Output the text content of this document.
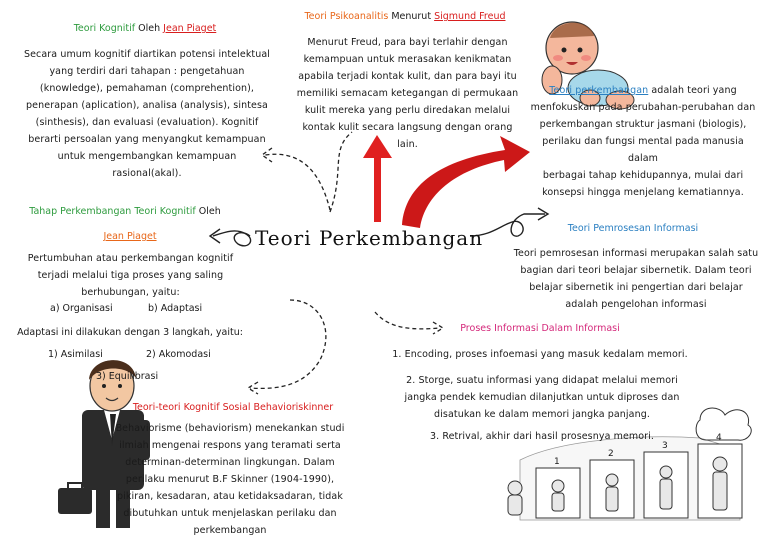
1
2
3
4
Teori Perkembangan
Teori Kognitif Oleh Jean Piaget
Secara umum kognitif diartikan potensi intelektual yang terdiri dari tahapan : pengetahuan (knowledge), pemahaman (comprehention), penerapan (aplication), analisa (analysis), sintesa (sinthesis), dan evaluasi (evaluation). Kognitif berarti persoalan yang menyangkut kemampuan untuk mengembangkan kemampuan rasional(akal).
Teori Psikoanalitis Menurut Sigmund Freud
Menurut Freud, para bayi terlahir dengan kemampuan untuk merasakan kenikmatan apabila terjadi kontak kulit, dan para bayi itu memiliki semacam ketegangan di permukaan kulit mereka yang perlu diredakan melalui kontak kulit secara langsung dengan orang lain.
Teori perkembangan adalah teori yang
menfokuskan pada perubahan-perubahan dan
perkembangan struktur jasmani (biologis),
perilaku dan fungsi mental pada manusia dalam
berbagai tahap kehidupannya, mulai dari
konsepsi hingga menjelang kematiannya.
Tahap Perkembangan Teori Kognitif Oleh
Jean Piaget
Pertumbuhan atau perkembangan kognitif terjadi melalui tiga proses yang saling berhubungan, yaitu:
a) Organisasi	b) Adaptasi
Adaptasi ini dilakukan dengan 3 langkah, yaitu:
1) Asimilasi	2) Akomodasi
3) Equilibrasi
Teori Pemrosesan Informasi
Teori pemrosesan informasi merupakan salah satu bagian dari teori belajar sibernetik. Dalam teori belajar sibernetik ini pengertian dari belajar adalah pengelohan informasi
Proses Informasi Dalam Informasi
1. Encoding, proses infoemasi yang masuk kedalam memori.
2. Storge, suatu informasi yang didapat melalui memori jangka pendek kemudian dilanjutkan untuk diproses dan disatukan ke dalam memori jangka panjang.
3. Retrival, akhir dari hasil prosesnya memori.
Teori-teori Kognitif Sosial Behavioriskinner
Behaviorisme (behaviorism) menekankan studi ilmiah mengenai respons yang teramati serta determinan-determinan lingkungan. Dalam perilaku menurut B.F Skinner (1904-1990), pikiran, kesadaran, atau ketidaksadaran, tidak dibutuhkan untuk menjelaskan perilaku dan perkembangan
